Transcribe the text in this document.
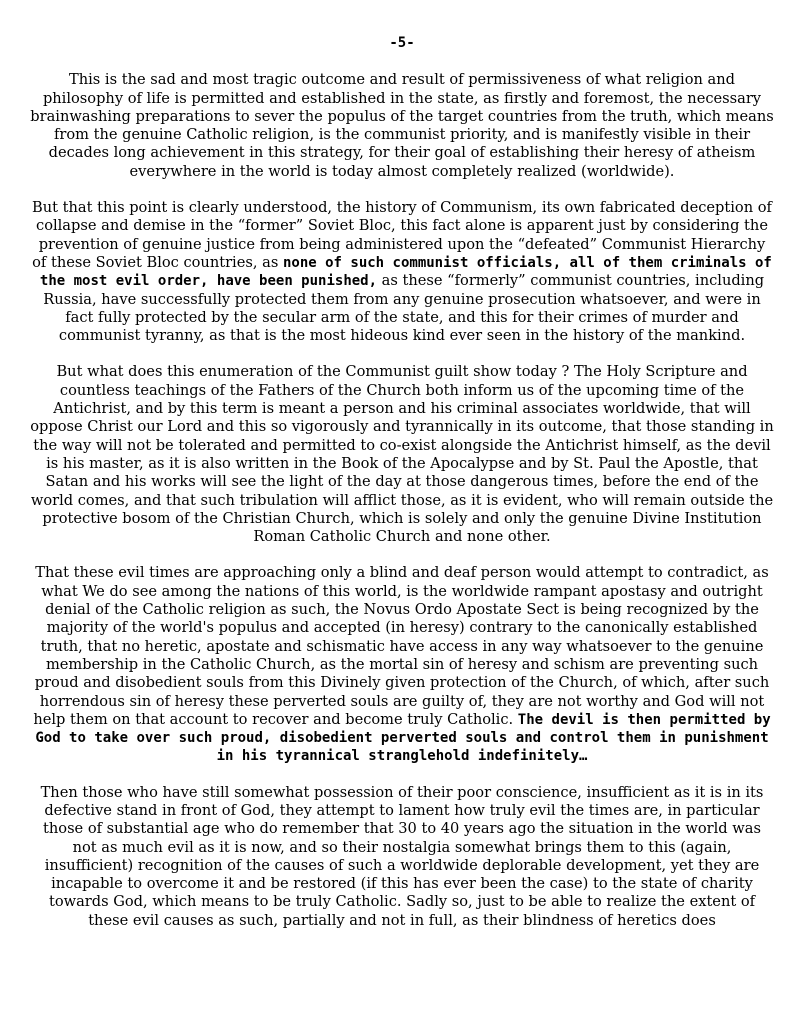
-5-

This is the sad and most tragic outcome and result of permissiveness of what religion and philosophy of life is permitted and established in the state, as firstly and foremost, the necessary brainwashing preparations to sever the populus of the target countries from the truth, which means from the genuine Catholic religion, is the communist priority, and is manifestly visible in their decades long achievement in this strategy, for their goal of establishing their heresy of atheism everywhere in the world is today almost completely realized (worldwide).

But that this point is clearly understood, the history of Communism, its own fabricated deception of collapse and demise in the “former” Soviet Bloc, this fact alone is apparent just by considering the prevention of genuine justice from being administered upon the “defeated” Communist Hierarchy of these Soviet Bloc countries, as none of such communist officials, all of them criminals of the most evil order, have been punished, as these “formerly” communist countries, including Russia, have successfully protected them from any genuine prosecution whatsoever, and were in fact fully protected by the secular arm of the state, and this for their crimes of murder and communist tyranny, as that is the most hideous kind ever seen in the history of the mankind.

But what does this enumeration of the Communist guilt show today ? The Holy Scripture and countless teachings of the Fathers of the Church both inform us of the upcoming time of the Antichrist, and by this term is meant a person and his criminal associates worldwide, that will oppose Christ our Lord and this so vigorously and tyrannically in its outcome, that those standing in the way will not be tolerated and permitted to co-exist alongside the Antichrist himself, as the devil is his master, as it is also written in the Book of the Apocalypse and by St. Paul the Apostle, that Satan and his works will see the light of the day at those dangerous times, before the end of the world comes, and that such tribulation will afflict those, as it is evident, who will remain outside the protective bosom of the Christian Church, which is solely and only the genuine Divine Institution Roman Catholic Church and none other.

That these evil times are approaching only a blind and deaf person would attempt to contradict, as what We do see among the nations of this world, is the worldwide rampant apostasy and outright denial of the Catholic religion as such, the Novus Ordo Apostate Sect is being recognized by the majority of the world's populus and accepted (in heresy) contrary to the canonically established truth, that no heretic, apostate and schismatic have access in any way whatsoever to the genuine membership in the Catholic Church, as the mortal sin of heresy and schism are preventing such proud and disobedient souls from this Divinely given protection of the Church, of which, after such horrendous sin of heresy these perverted souls are guilty of, they are not worthy and God will not help them on that account to recover and become truly Catholic. The devil is then permitted by God to take over such proud, disobedient perverted souls and control them in punishment in his tyrannical stranglehold indefinitely…

Then those who have still somewhat possession of their poor conscience, insufficient as it is in its defective stand in front of God, they attempt to lament how truly evil the times are, in particular those of substantial age who do remember that 30 to 40 years ago the situation in the world was not as much evil as it is now, and so their nostalgia somewhat brings them to this (again, insufficient) recognition of the causes of such a worldwide deplorable development, yet they are incapable to overcome it and be restored (if this has ever been the case) to the state of charity towards God, which means to be truly Catholic. Sadly so, just to be able to realize the extent of these evil causes as such, partially and not in full, as their blindness of heretics does
